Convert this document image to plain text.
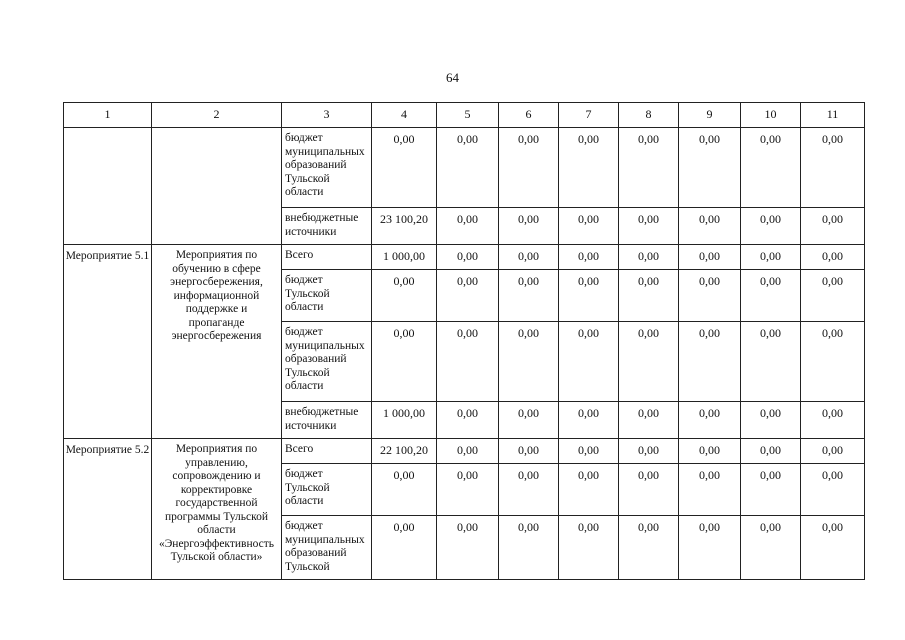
64
1	2	3	4	5	6	7	8	9	10	11
		бюджет муниципальных образований Тульской области	0,00	0,00	0,00	0,00	0,00	0,00	0,00	0,00
		внебюджетные источники	23 100,20	0,00	0,00	0,00	0,00	0,00	0,00	0,00
Мероприятие 5.1	Мероприятия по обучению в сфере энергосбережения, информационной поддержке и пропаганде энергосбережения	Всего	1 000,00	0,00	0,00	0,00	0,00	0,00	0,00	0,00
		бюджет Тульской области	0,00	0,00	0,00	0,00	0,00	0,00	0,00	0,00
		бюджет муниципальных образований Тульской области	0,00	0,00	0,00	0,00	0,00	0,00	0,00	0,00
		внебюджетные источники	1 000,00	0,00	0,00	0,00	0,00	0,00	0,00	0,00
Мероприятие 5.2	Мероприятия по управлению, сопровождению и корректировке государственной программы Тульской области «Энергоэффективность Тульской области»	Всего	22 100,20	0,00	0,00	0,00	0,00	0,00	0,00	0,00
		бюджет Тульской области	0,00	0,00	0,00	0,00	0,00	0,00	0,00	0,00
		бюджет муниципальных образований Тульской	0,00	0,00	0,00	0,00	0,00	0,00	0,00	0,00
